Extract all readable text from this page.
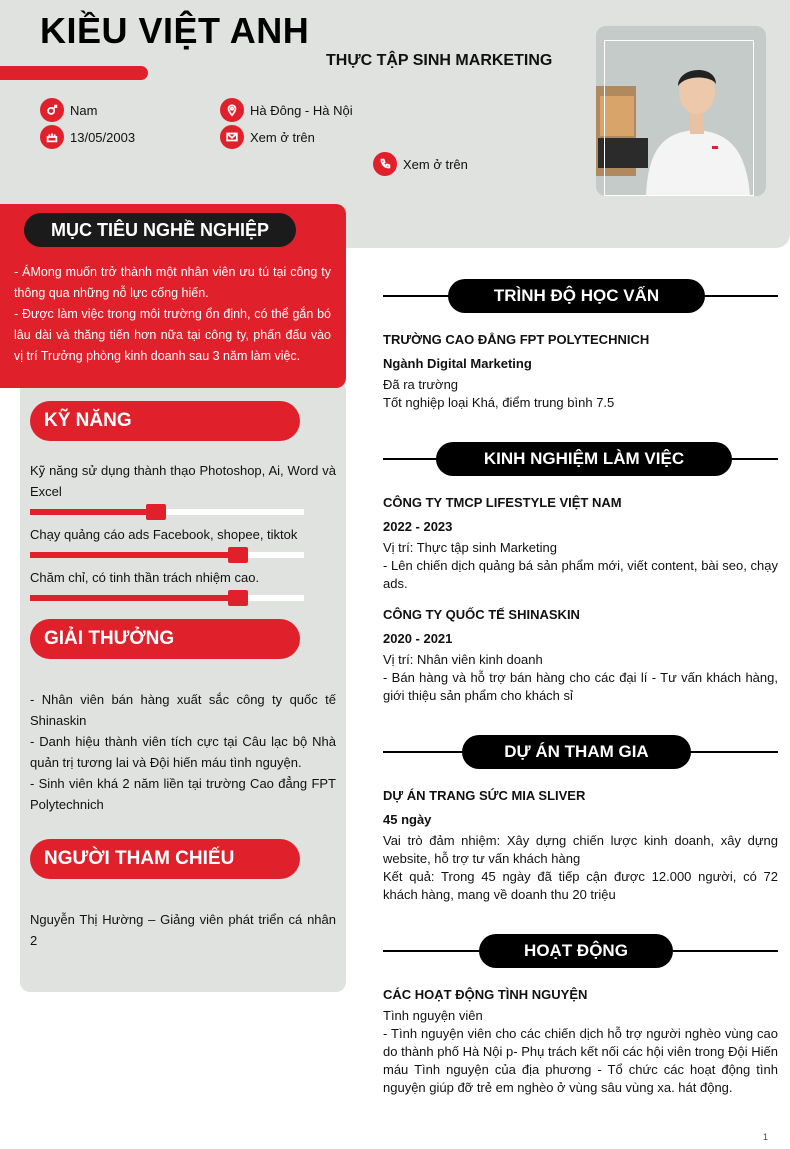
KIỀU VIỆT ANH
THỰC TẬP SINH MARKETING
Nam	Hà Đông - Hà Nội
13/05/2003	Xem ở trên
Xem ở trên
MỤC TIÊU NGHỀ NGHIỆP
- ÁMong muốn trở thành một nhân viên ưu tú tại công ty thông qua những nỗ lực cống hiến.
- Được làm việc trong môi trường ổn định, có thể gắn bó lâu dài và thăng tiến hơn nữa tại công ty, phấn đấu vào vị trí Trưởng phòng kinh doanh sau 3 năm làm việc.
KỸ NĂNG
Kỹ năng sử dụng thành thạo Photoshop, Ai, Word và Excel
Chạy quảng cáo ads Facebook, shopee, tiktok
Chăm chỉ, có tinh thần trách nhiệm cao.
GIẢI THƯỞNG
- Nhân viên bán hàng xuất sắc công ty quốc tế Shinaskin
- Danh hiệu thành viên tích cực tại Câu lạc bộ Nhà quản trị tương lai và Đội hiến máu tình nguyện.
- Sinh viên khá 2 năm liền tại trường Cao đẳng FPT Polytechnich
NGƯỜI THAM CHIẾU
Nguyễn Thị Hường – Giảng viên phát triển cá nhân 2
TRÌNH ĐỘ HỌC VẤN
TRƯỜNG CAO ĐẲNG FPT POLYTECHNICH
Ngành Digital Marketing
Đã ra trường
Tốt nghiệp loại Khá, điểm trung bình 7.5
KINH NGHIỆM LÀM VIỆC
CÔNG TY TMCP LIFESTYLE VIỆT NAM
2022 - 2023
Vị trí: Thực tập sinh Marketing
- Lên chiến dịch quảng bá sản phẩm mới, viết content, bài seo, chạy ads.
CÔNG TY QUỐC TẾ SHINASKIN
2020 - 2021
Vị trí: Nhân viên kinh doanh
- Bán hàng và hỗ trợ bán hàng cho các đại lí - Tư vấn khách hàng, giới thiệu sản phẩm cho khách sỉ
DỰ ÁN THAM GIA
DỰ ÁN TRANG SỨC MIA SLIVER
45 ngày
Vai trò đảm nhiệm: Xây dựng chiến lược kinh doanh, xây dựng website, hỗ trợ tư vấn khách hàng
Kết quả: Trong 45 ngày đã tiếp cận được 12.000 người, có 72 khách hàng, mang về doanh thu 20 triệu
HOẠT ĐỘNG
CÁC HOẠT ĐỘNG TÌNH NGUYỆN
Tình nguyện viên
- Tình nguyện viên cho các chiến dịch hỗ trợ người nghèo vùng cao do thành phố Hà Nội p- Phụ trách kết nối các hội viên trong Đội Hiến máu Tình nguyện của địa phương - Tổ chức các hoạt động tình nguyện giúp đỡ trẻ em nghèo ở vùng sâu vùng xa. hát động.
1
